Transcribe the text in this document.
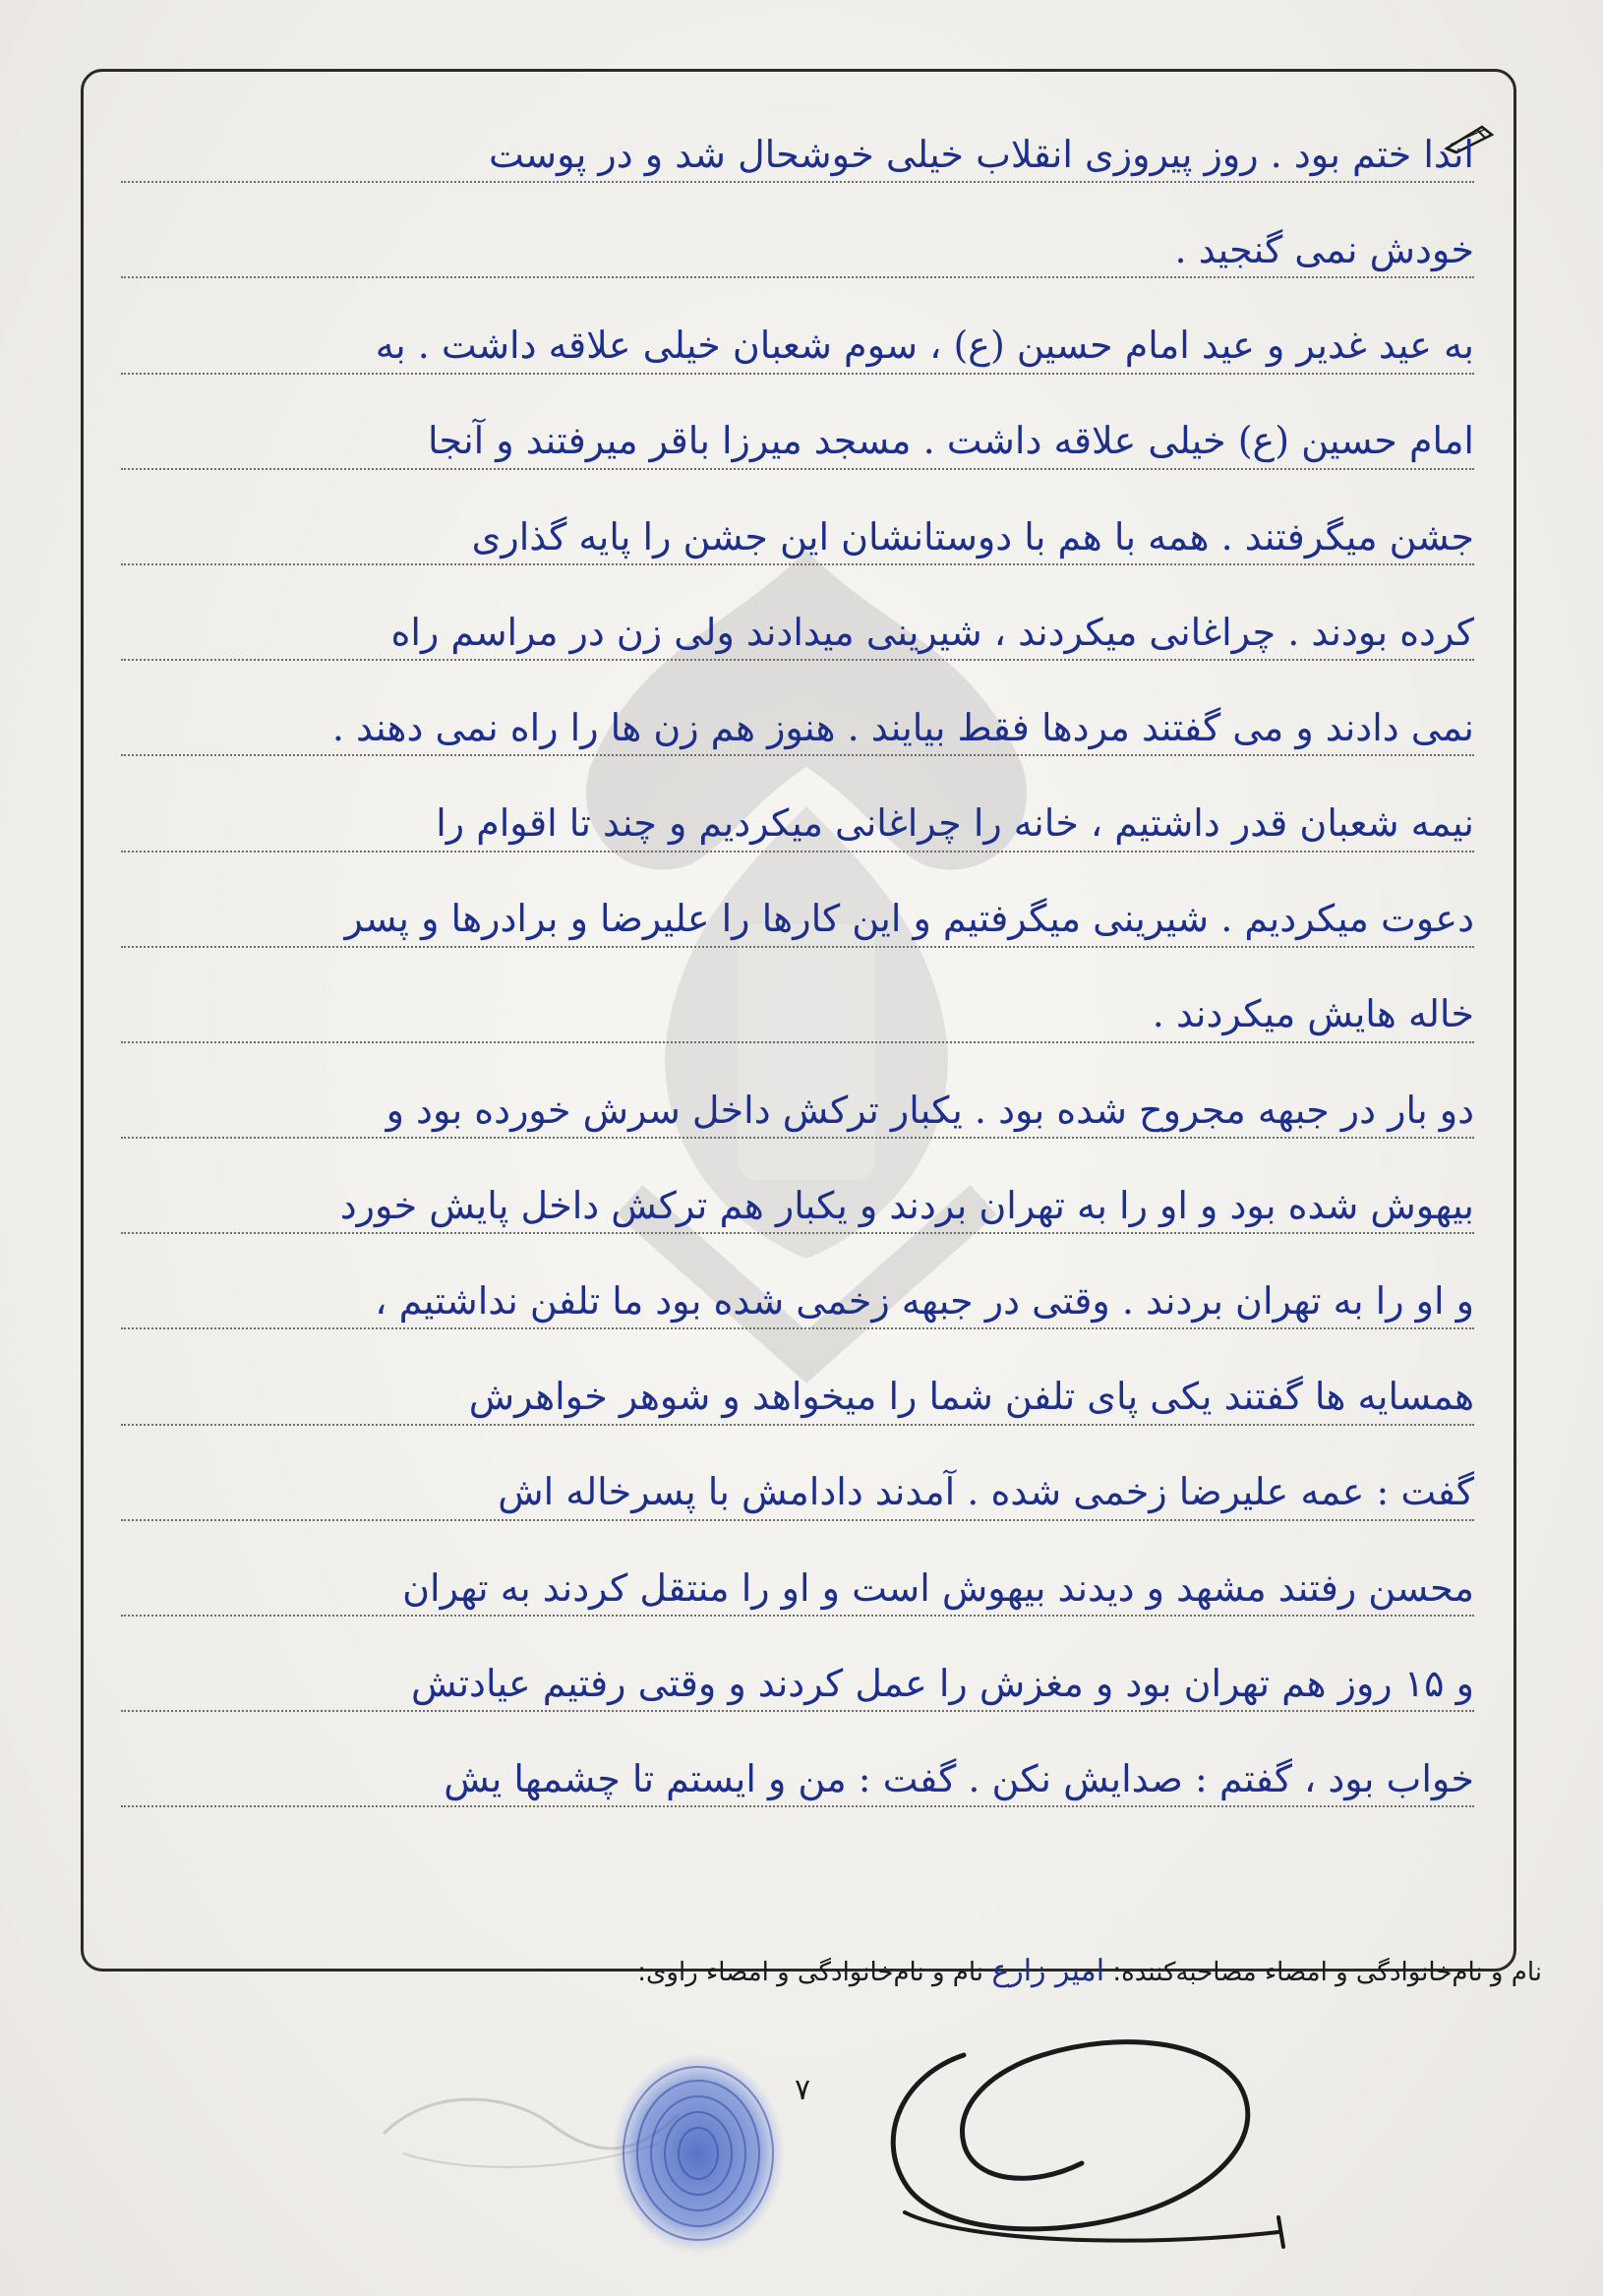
اندا ختم بود . روز پیروزی انقلاب خیلی خوشحال شد و در پوست
خودش نمی گنجید .
به عید غدیر و عید امام حسین (ع) ، سوم شعبان خیلی علاقه داشت . به
امام حسین (ع) خیلی علاقه داشت . مسجد میرزا باقر میرفتند و آنجا
جشن میگرفتند . همه با هم با دوستانشان این جشن را پایه گذاری
کرده بودند . چراغانی میکردند ، شیرینی میدادند ولی زن در مراسم راه
نمی دادند و می گفتند مردها فقط بیایند . هنوز هم زن ها را راه نمی دهند .
نیمه شعبان قدر داشتیم ، خانه را چراغانی میکردیم و چند تا اقوام را
دعوت میکردیم . شیرینی میگرفتیم و این کارها را علیرضا و برادرها و پسر
خاله هایش میکردند .
دو بار در جبهه مجروح شده بود . یکبار ترکش داخل سرش خورده بود و
بیهوش شده بود و او را به تهران بردند و یکبار هم ترکش داخل پایش خورد
و او را به تهران بردند . وقتی در جبهه زخمی شده بود ما تلفن نداشتیم ،
همسایه ها گفتند یکی پای تلفن شما را میخواهد و شوهر خواهرش
گفت : عمه علیرضا زخمی شده . آمدند دادامش با پسرخاله اش
محسن رفتند مشهد و دیدند بیهوش است و او را منتقل کردند به تهران
و ۱۵ روز هم تهران بود و مغزش را عمل کردند و وقتی رفتیم عیادتش
خواب بود ، گفتم : صدایش نکن . گفت : من و ایستم تا چشمها یش
نام و نام‌خانوادگی و امضاء مصاحبه‌کننده: امیر زارع نام و نام‌خانوادگی و امضاء راوی:
۷
